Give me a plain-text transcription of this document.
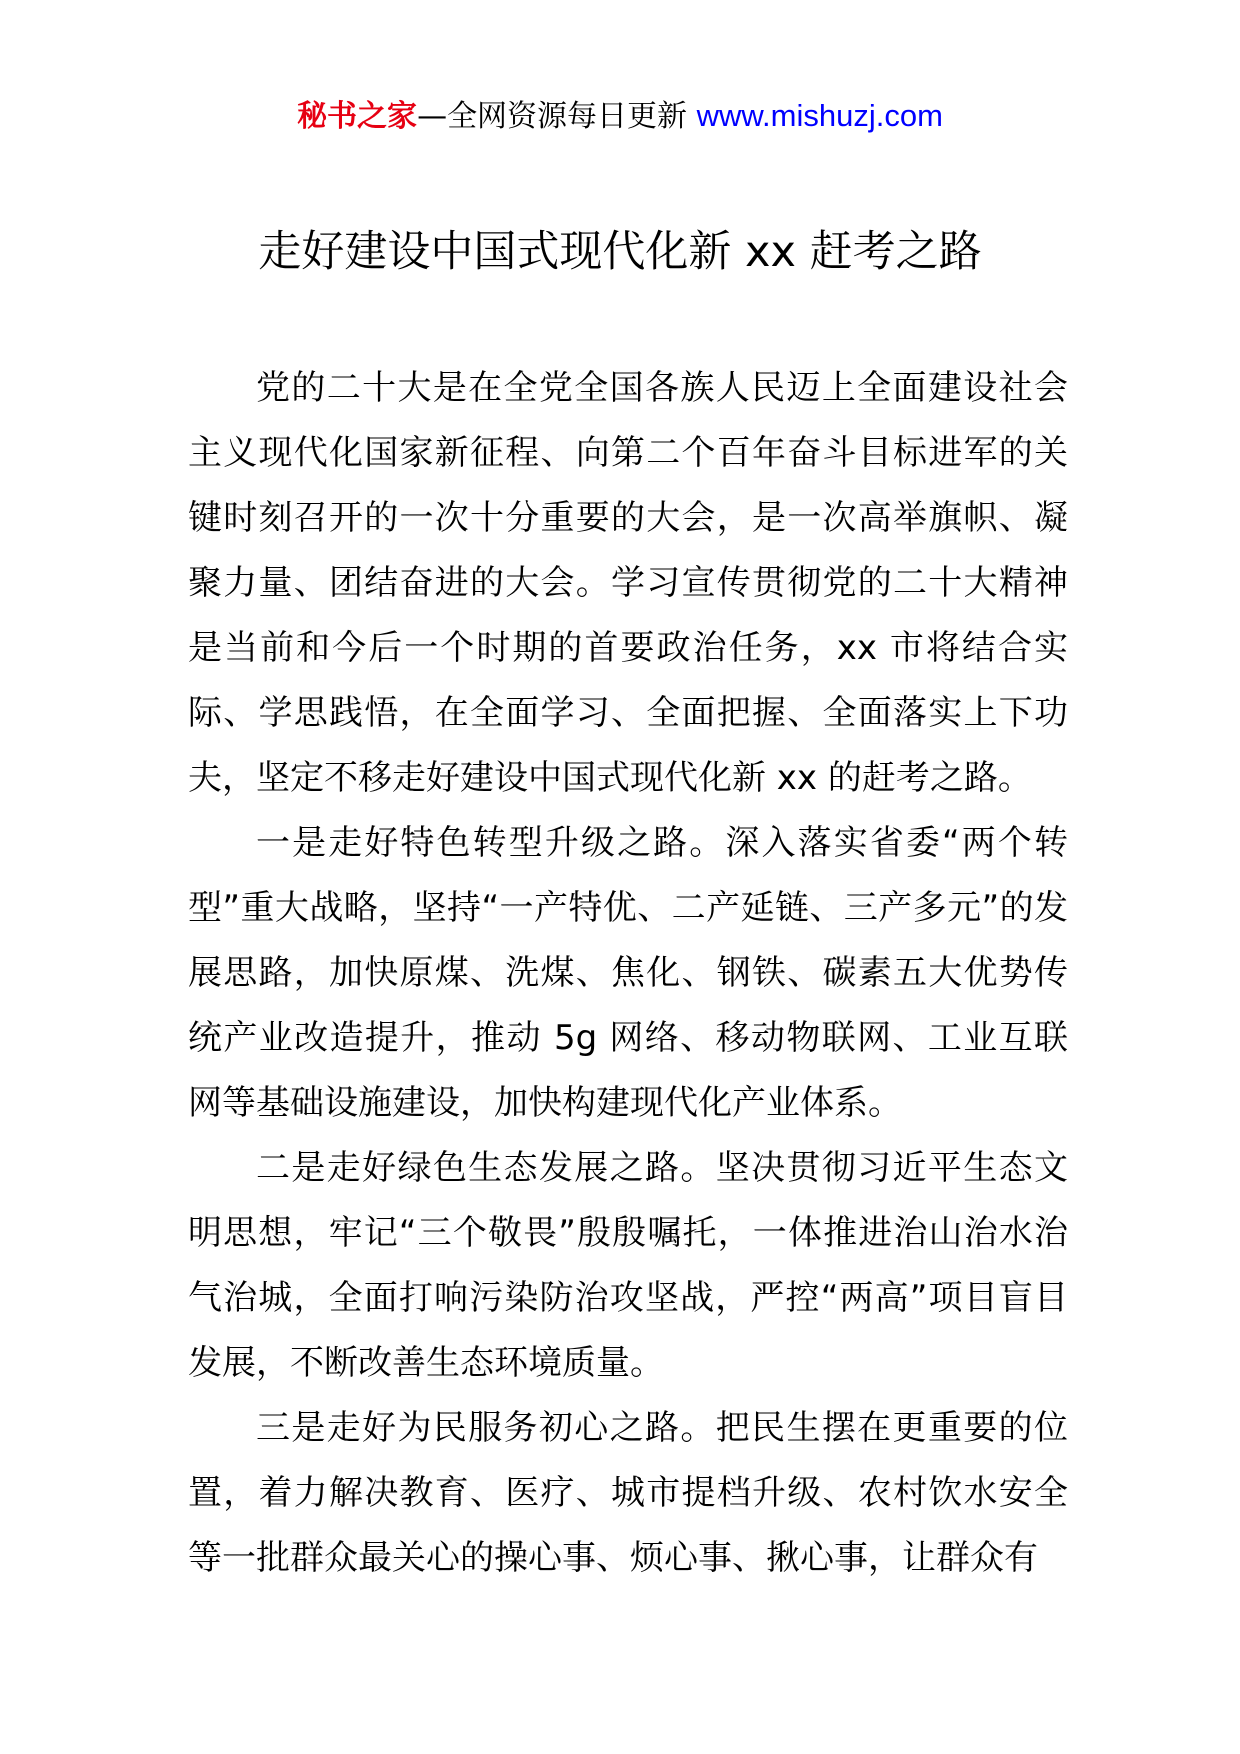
秘书之家—全网资源每日更新 www.mishuzj.com
走好建设中国式现代化新 xx 赶考之路

党的二十大是在全党全国各族人民迈上全面建设社会主义现代化国家新征程、向第二个百年奋斗目标进军的关键时刻召开的一次十分重要的大会，是一次高举旗帜、凝聚力量、团结奋进的大会。学习宣传贯彻党的二十大精神是当前和今后一个时期的首要政治任务，xx 市将结合实际、学思践悟，在全面学习、全面把握、全面落实上下功夫，坚定不移走好建设中国式现代化新 xx 的赶考之路。

一是走好特色转型升级之路。深入落实省委“两个转型”重大战略，坚持“一产特优、二产延链、三产多元”的发展思路，加快原煤、洗煤、焦化、钢铁、碳素五大优势传统产业改造提升，推动 5g 网络、移动物联网、工业互联网等基础设施建设，加快构建现代化产业体系。

二是走好绿色生态发展之路。坚决贯彻习近平生态文明思想，牢记“三个敬畏”殷殷嘱托，一体推进治山治水治气治城，全面打响污染防治攻坚战，严控“两高”项目盲目发展，不断改善生态环境质量。

三是走好为民服务初心之路。把民生摆在更重要的位置，着力解决教育、医疗、城市提档升级、农村饮水安全等一批群众最关心的操心事、烦心事、揪心事，让群众有
